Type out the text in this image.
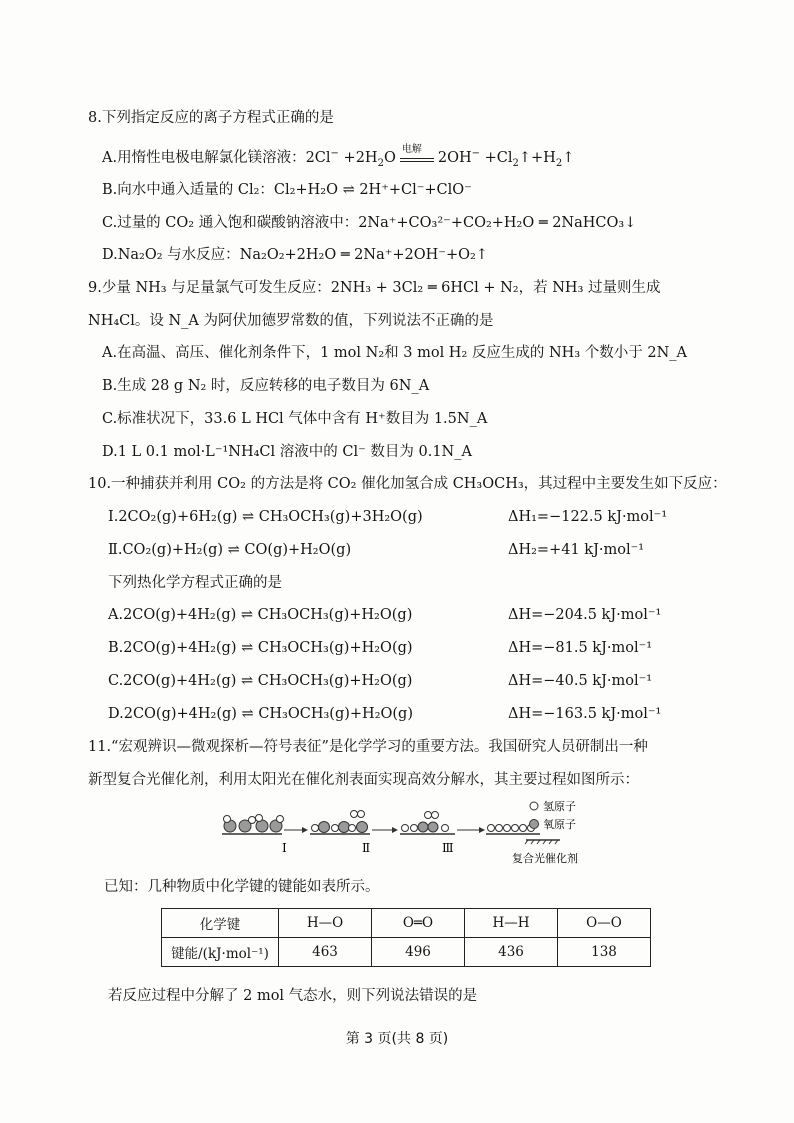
8.下列指定反应的离子方程式正确的是
A.用惰性电极电解氯化镁溶液：$2Cl^- +2H_2O$
电解
$2OH^- +Cl_2↑+H_2↑$
B.向水中通入适量的 Cl₂：Cl₂+H₂O ⇌ 2H⁺+Cl⁻+ClO⁻
C.过量的 CO₂ 通入饱和碳酸钠溶液中：2Na⁺+CO₃²⁻+CO₂+H₂O ═ 2NaHCO₃↓
D.Na₂O₂ 与水反应：Na₂O₂+2H₂O ═ 2Na⁺+2OH⁻+O₂↑
9.少量 NH₃ 与足量氯气可发生反应：2NH₃ + 3Cl₂ ═ 6HCl + N₂，若 NH₃ 过量则生成
NH₄Cl。设 N_A 为阿伏加德罗常数的值，下列说法不正确的是
A.在高温、高压、催化剂条件下，1 mol N₂和 3 mol H₂ 反应生成的 NH₃ 个数小于 2N_A
B.生成 28 g N₂ 时，反应转移的电子数目为 6N_A
C.标准状况下，33.6 L HCl 气体中含有 H⁺数目为 1.5N_A
D.1 L 0.1 mol·L⁻¹NH₄Cl 溶液中的 Cl⁻ 数目为 0.1N_A
10.一种捕获并利用 CO₂ 的方法是将 CO₂ 催化加氢合成 CH₃OCH₃，其过程中主要发生如下反应：
Ⅰ.2CO₂(g)+6H₂(g) ⇌ CH₃OCH₃(g)+3H₂O(g)	ΔH₁=−122.5 kJ·mol⁻¹
Ⅱ.CO₂(g)+H₂(g) ⇌ CO(g)+H₂O(g)	ΔH₂=+41 kJ·mol⁻¹
下列热化学方程式正确的是
A.2CO(g)+4H₂(g) ⇌ CH₃OCH₃(g)+H₂O(g)	ΔH=−204.5 kJ·mol⁻¹
B.2CO(g)+4H₂(g) ⇌ CH₃OCH₃(g)+H₂O(g)	ΔH=−81.5 kJ·mol⁻¹
C.2CO(g)+4H₂(g) ⇌ CH₃OCH₃(g)+H₂O(g)	ΔH=−40.5 kJ·mol⁻¹
D.2CO(g)+4H₂(g) ⇌ CH₃OCH₃(g)+H₂O(g)	ΔH=−163.5 kJ·mol⁻¹
11.“宏观辨识—微观探析—符号表征”是化学学习的重要方法。我国研究人员研制出一种
新型复合光催化剂，利用太阳光在催化剂表面实现高效分解水，其主要过程如图所示：
Ⅰ	Ⅱ	Ⅲ
氢原子
氧原子
复合光催化剂
已知：几种物质中化学键的键能如表所示。
化学键	H—O	O═O	H—H	O—O
键能/(kJ·mol⁻¹)	463	496	436	138
若反应过程中分解了 2 mol 气态水，则下列说法错误的是
第 3 页(共 8 页)
